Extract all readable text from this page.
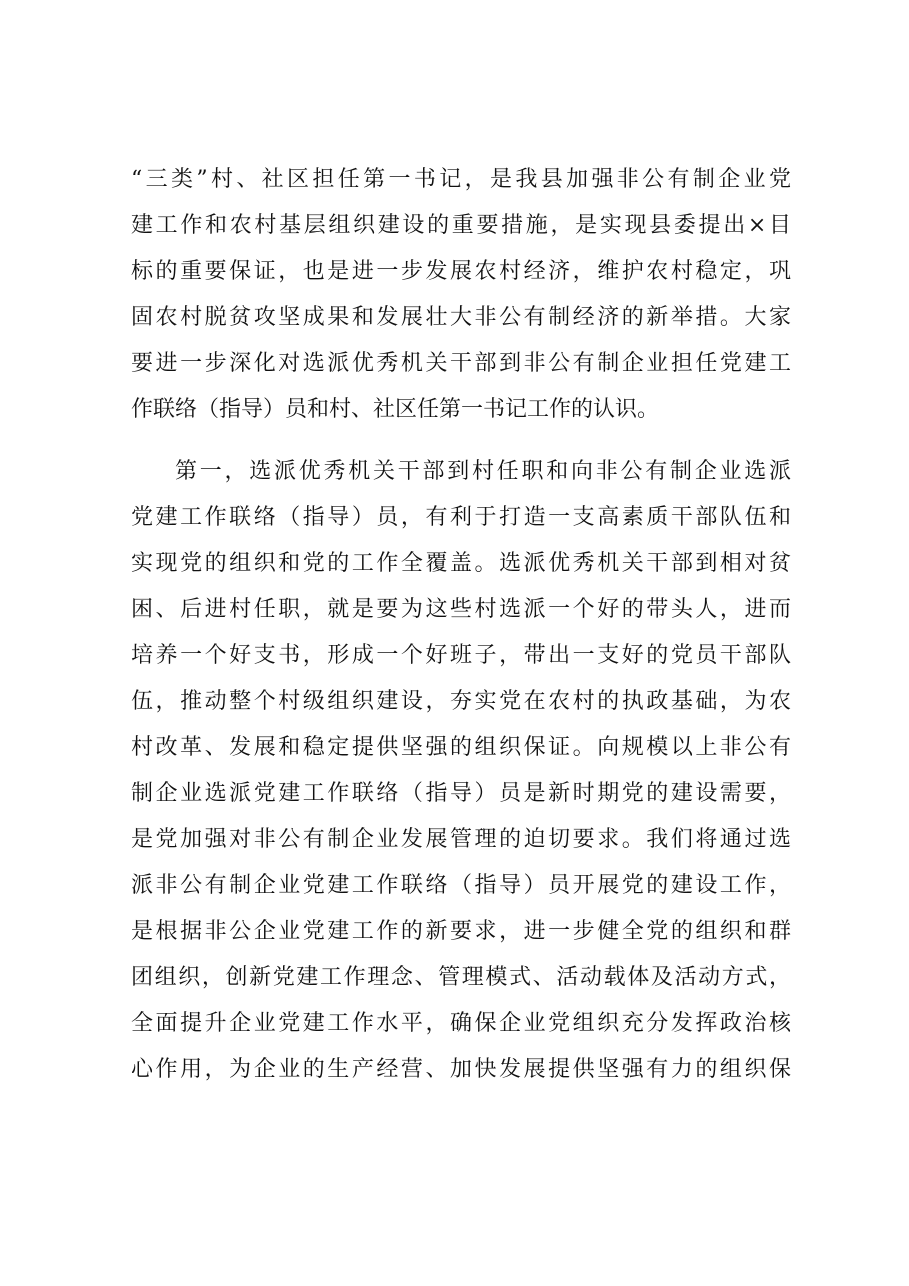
“三类”村、社区担任第一书记，是我县加强非公有制企业党
建工作和农村基层组织建设的重要措施，是实现县委提出×目
标的重要保证，也是进一步发展农村经济，维护农村稳定，巩
固农村脱贫攻坚成果和发展壮大非公有制经济的新举措。大家
要进一步深化对选派优秀机关干部到非公有制企业担任党建工
作联络（指导）员和村、社区任第一书记工作的认识。
第一，选派优秀机关干部到村任职和向非公有制企业选派
党建工作联络（指导）员，有利于打造一支高素质干部队伍和
实现党的组织和党的工作全覆盖。选派优秀机关干部到相对贫
困、后进村任职，就是要为这些村选派一个好的带头人，进而
培养一个好支书，形成一个好班子，带出一支好的党员干部队
伍，推动整个村级组织建设，夯实党在农村的执政基础，为农
村改革、发展和稳定提供坚强的组织保证。向规模以上非公有
制企业选派党建工作联络（指导）员是新时期党的建设需要，
是党加强对非公有制企业发展管理的迫切要求。我们将通过选
派非公有制企业党建工作联络（指导）员开展党的建设工作，
是根据非公企业党建工作的新要求，进一步健全党的组织和群
团组织，创新党建工作理念、管理模式、活动载体及活动方式，
全面提升企业党建工作水平，确保企业党组织充分发挥政治核
心作用，为企业的生产经营、加快发展提供坚强有力的组织保
